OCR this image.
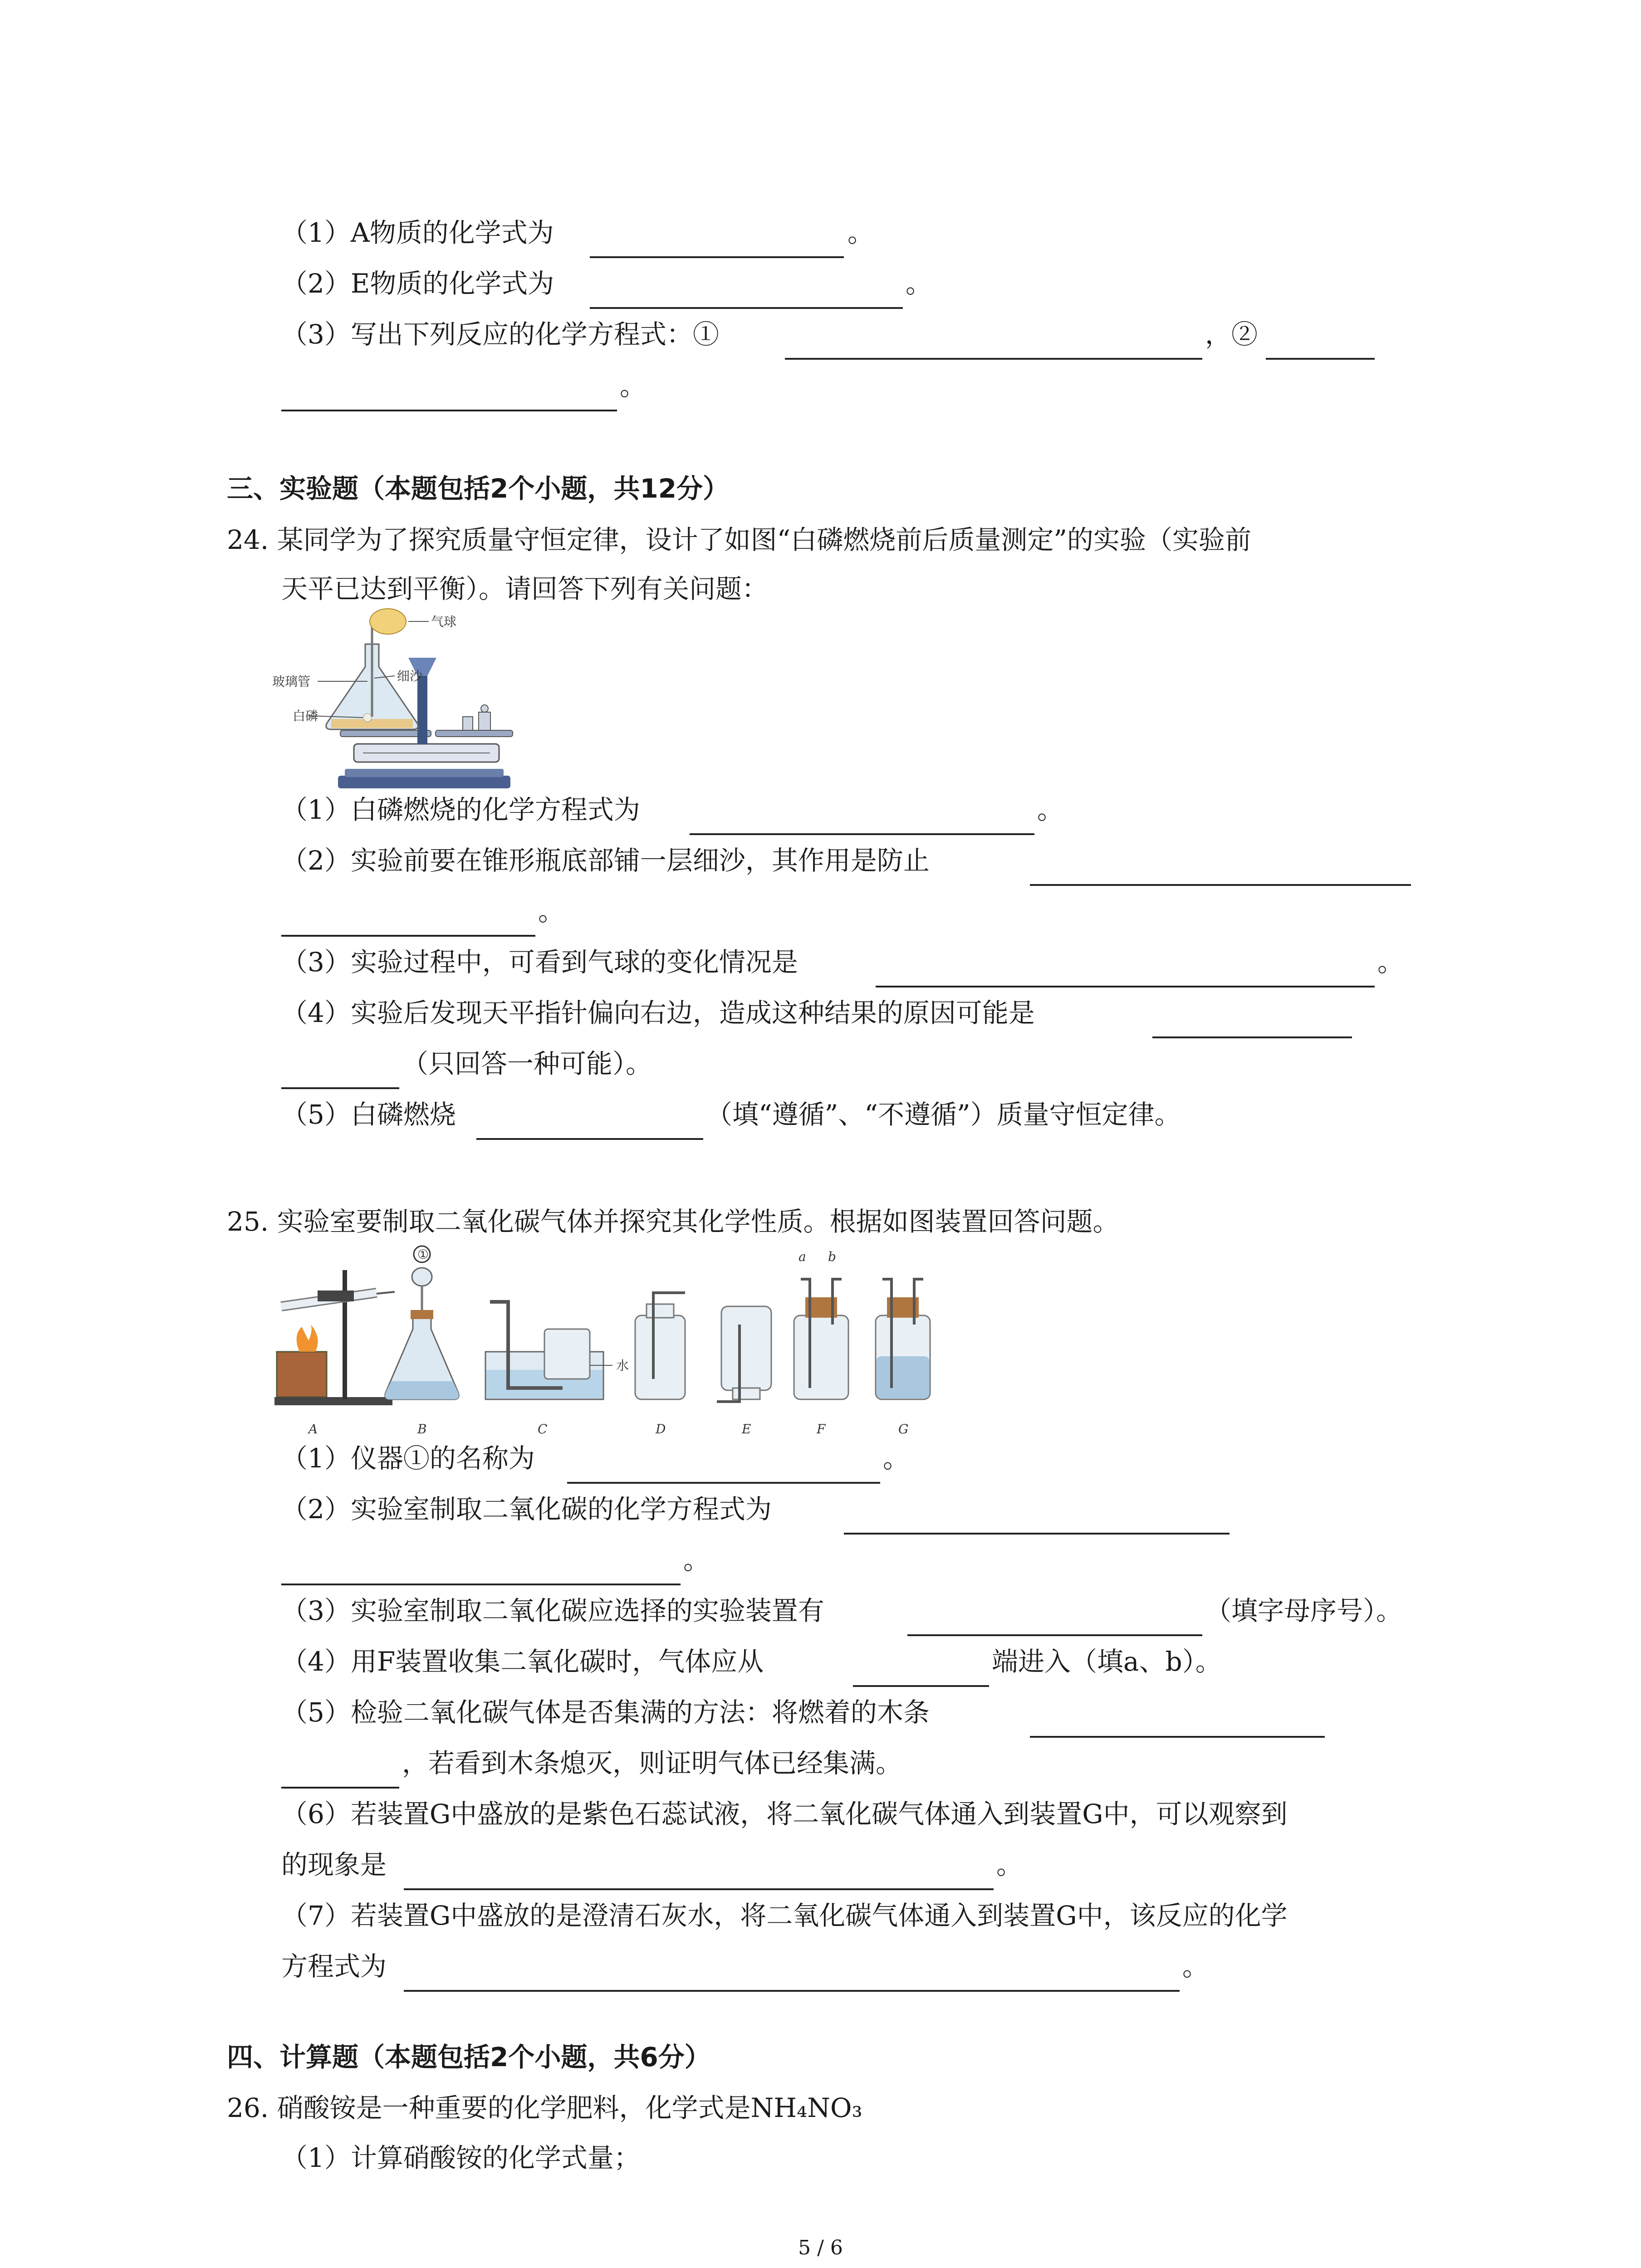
（1）A物质的化学式为	。
（2）E物质的化学式为	。
（3）写出下列反应的化学方程式：①	，②
。
三、实验题（本题包括2个小题，共12分）
24. 某同学为了探究质量守恒定律，设计了如图“白磷燃烧前后质量测定”的实验（实验前
天平已达到平衡）。请回答下列有关问题：
气球
玻璃管	细沙
白磷
（1）白磷燃烧的化学方程式为	。
（2）实验前要在锥形瓶底部铺一层细沙，其作用是防止
。
（3）实验过程中，可看到气球的变化情况是	。
（4）实验后发现天平指针偏向右边，造成这种结果的原因可能是
（只回答一种可能）。
（5）白磷燃烧	（填“遵循”、“不遵循”）质量守恒定律。
25. 实验室要制取二氧化碳气体并探究其化学性质。根据如图装置回答问题。
①
水
a b
A	B	C	D	E	F	G
（1）仪器①的名称为	。
（2）实验室制取二氧化碳的化学方程式为
。
（3）实验室制取二氧化碳应选择的实验装置有	（填字母序号）。
（4）用F装置收集二氧化碳时，气体应从	端进入（填a、b）。
（5）检验二氧化碳气体是否集满的方法：将燃着的木条
，若看到木条熄灭，则证明气体已经集满。
（6）若装置G中盛放的是紫色石蕊试液，将二氧化碳气体通入到装置G中，可以观察到
的现象是	。
（7）若装置G中盛放的是澄清石灰水，将二氧化碳气体通入到装置G中，该反应的化学
方程式为	。
四、计算题（本题包括2个小题，共6分）
26. 硝酸铵是一种重要的化学肥料，化学式是NH₄NO₃
（1）计算硝酸铵的化学式量；
5 / 6
